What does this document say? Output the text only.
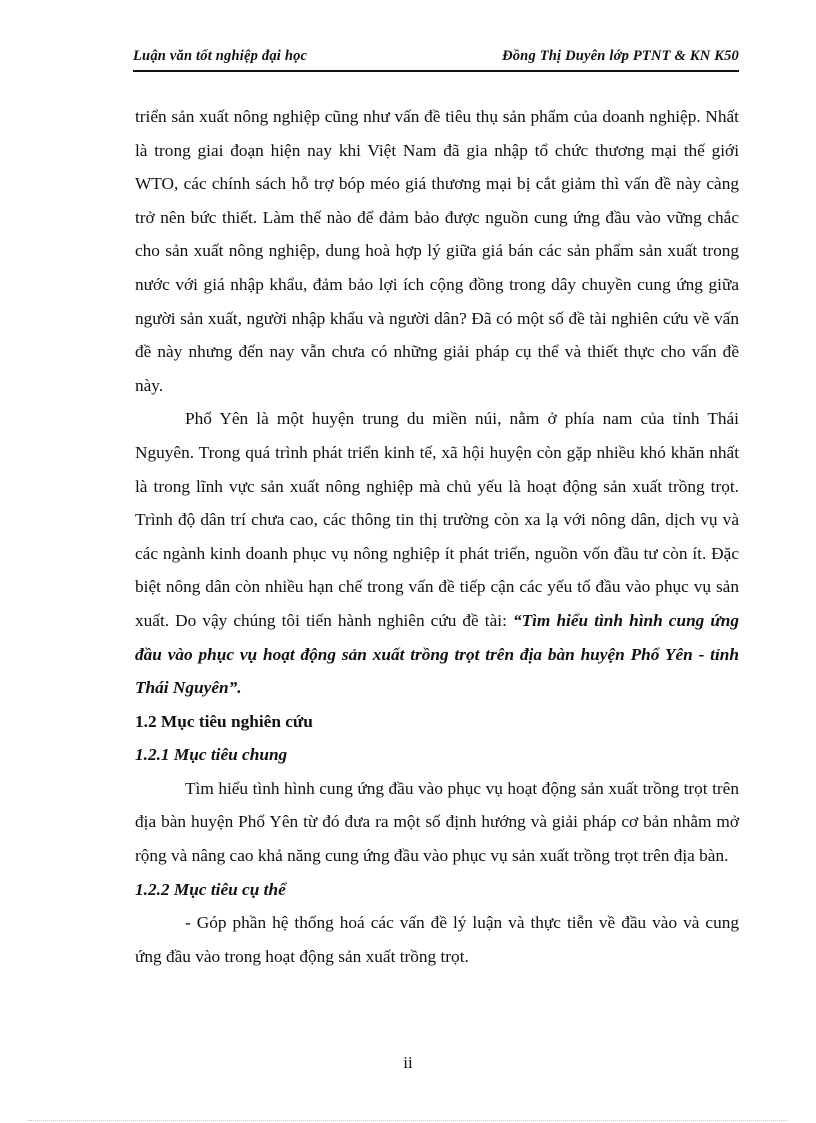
Luận văn tốt nghiệp đại học	Đồng Thị Duyên lớp PTNT & KN K50

triển sản xuất nông nghiệp cũng như vấn đề tiêu thụ sản phẩm của doanh nghiệp. Nhất là trong giai đoạn hiện nay khi Việt Nam đã gia nhập tổ chức thương mại thế giới WTO, các chính sách hỗ trợ bóp méo giá thương mại bị cắt giảm thì vấn đề này càng trở nên bức thiết. Làm thế nào để đảm bảo được nguồn cung ứng đầu vào vững chắc cho sản xuất nông nghiệp, dung hoà hợp lý giữa giá bán các sản phẩm sản xuất trong nước với giá nhập khẩu, đảm bảo lợi ích cộng đồng trong dây chuyền cung ứng giữa người sản xuất, người nhập khẩu và người dân? Đã có một số đề tài nghiên cứu về vấn đề này nhưng đến nay vẫn chưa có những giải pháp cụ thể và thiết thực cho vấn đề này.

Phổ Yên là một huyện trung du miền núi, nằm ở phía nam của tỉnh Thái Nguyên. Trong quá trình phát triển kinh tế, xã hội huyện còn gặp nhiều khó khăn nhất là trong lĩnh vực sản xuất nông nghiệp mà chủ yếu là hoạt động sản xuất trồng trọt. Trình độ dân trí chưa cao, các thông tin thị trường còn xa lạ với nông dân, dịch vụ và các ngành kinh doanh phục vụ nông nghiệp ít phát triển, nguồn vốn đầu tư còn ít. Đặc biệt nông dân còn nhiều hạn chế trong vấn đề tiếp cận các yếu tố đầu vào phục vụ sản xuất. Do vậy chúng tôi tiến hành nghiên cứu đề tài: “Tìm hiểu tình hình cung ứng đầu vào phục vụ hoạt động sản xuất trồng trọt trên địa bàn huyện Phổ Yên - tỉnh Thái Nguyên”.

1.2 Mục tiêu nghiên cứu

1.2.1 Mục tiêu chung

Tìm hiểu tình hình cung ứng đầu vào phục vụ hoạt động sản xuất trồng trọt trên địa bàn huyện Phổ Yên từ đó đưa ra một số định hướng và giải pháp cơ bản nhằm mở rộng và nâng cao khả năng cung ứng đầu vào phục vụ sản xuất trồng trọt trên địa bàn.

1.2.2 Mục tiêu cụ thể

- Góp phần hệ thống hoá các vấn đề lý luận và thực tiễn về đầu vào và cung ứng đầu vào trong hoạt động sản xuất trồng trọt.

ii
